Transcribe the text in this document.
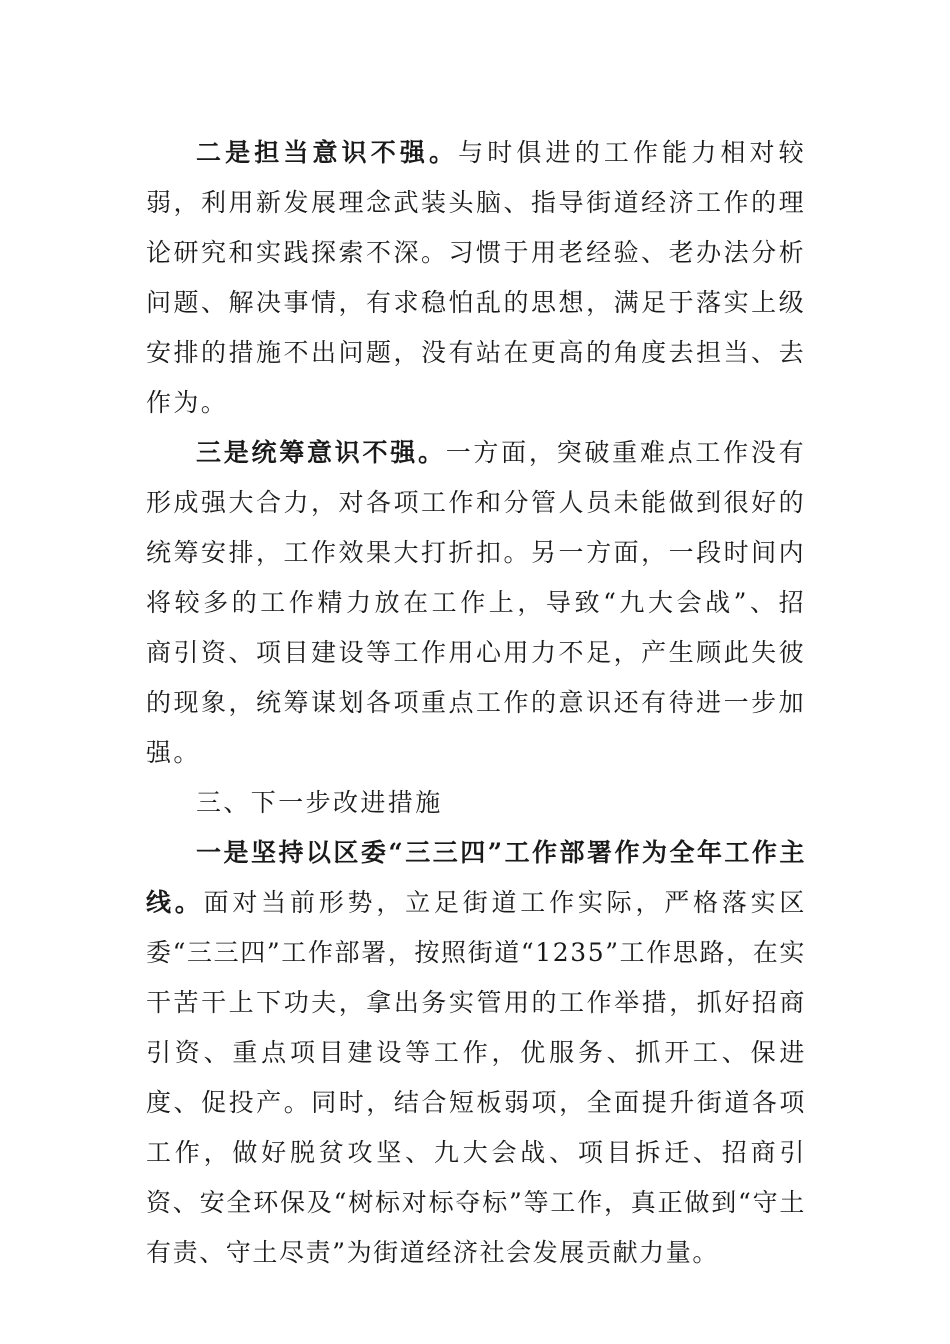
二是担当意识不强。与时俱进的工作能力相对较弱，利用新发展理念武装头脑、指导街道经济工作的理论研究和实践探索不深。习惯于用老经验、老办法分析问题、解决事情，有求稳怕乱的思想，满足于落实上级安排的措施不出问题，没有站在更高的角度去担当、去作为。

三是统筹意识不强。一方面，突破重难点工作没有形成强大合力，对各项工作和分管人员未能做到很好的统筹安排，工作效果大打折扣。另一方面，一段时间内将较多的工作精力放在工作上，导致“九大会战”、招商引资、项目建设等工作用心用力不足，产生顾此失彼的现象，统筹谋划各项重点工作的意识还有待进一步加强。

三、下一步改进措施

一是坚持以区委“三三四”工作部署作为全年工作主线。面对当前形势，立足街道工作实际，严格落实区委“三三四”工作部署，按照街道“1235”工作思路，在实干苦干上下功夫，拿出务实管用的工作举措，抓好招商引资、重点项目建设等工作，优服务、抓开工、保进度、促投产。同时，结合短板弱项，全面提升街道各项工作，做好脱贫攻坚、九大会战、项目拆迁、招商引资、安全环保及“树标对标夺标”等工作，真正做到“守土有责、守土尽责”为街道经济社会发展贡献力量。
